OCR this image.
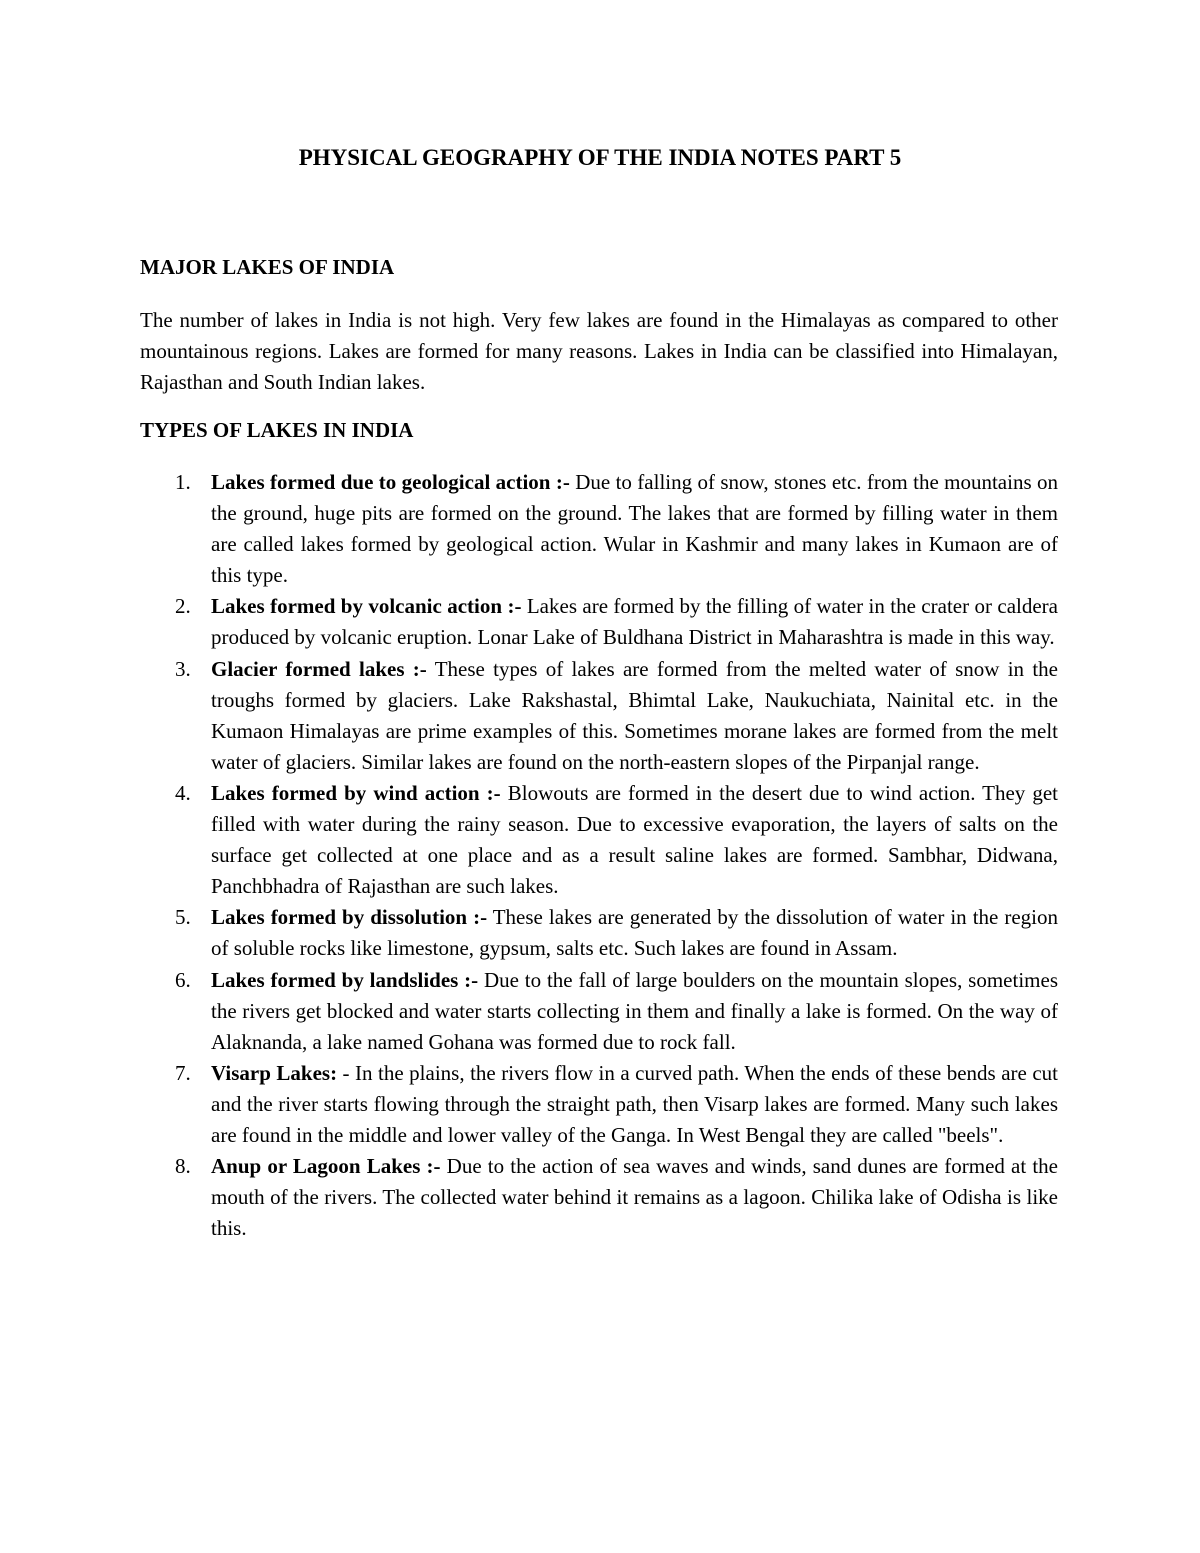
PHYSICAL GEOGRAPHY OF THE INDIA NOTES PART 5
MAJOR LAKES OF INDIA

The number of lakes in India is not high. Very few lakes are found in the Himalayas as compared to other mountainous regions. Lakes are formed for many reasons. Lakes in India can be classified into Himalayan, Rajasthan and South Indian lakes.

TYPES OF LAKES IN INDIA
1. Lakes formed due to geological action :- Due to falling of snow, stones etc. from the mountains on the ground, huge pits are formed on the ground. The lakes that are formed by filling water in them are called lakes formed by geological action. Wular in Kashmir and many lakes in Kumaon are of this type.
2. Lakes formed by volcanic action :- Lakes are formed by the filling of water in the crater or caldera produced by volcanic eruption. Lonar Lake of Buldhana District in Maharashtra is made in this way.
3. Glacier formed lakes :- These types of lakes are formed from the melted water of snow in the troughs formed by glaciers. Lake Rakshastal, Bhimtal Lake, Naukuchiata, Nainital etc. in the Kumaon Himalayas are prime examples of this. Sometimes morane lakes are formed from the melt water of glaciers. Similar lakes are found on the north-eastern slopes of the Pirpanjal range.
4. Lakes formed by wind action :- Blowouts are formed in the desert due to wind action. They get filled with water during the rainy season. Due to excessive evaporation, the layers of salts on the surface get collected at one place and as a result saline lakes are formed. Sambhar, Didwana, Panchbhadra of Rajasthan are such lakes.
5. Lakes formed by dissolution :- These lakes are generated by the dissolution of water in the region of soluble rocks like limestone, gypsum, salts etc. Such lakes are found in Assam.
6. Lakes formed by landslides :- Due to the fall of large boulders on the mountain slopes, sometimes the rivers get blocked and water starts collecting in them and finally a lake is formed. On the way of Alaknanda, a lake named Gohana was formed due to rock fall.
7. Visarp Lakes: - In the plains, the rivers flow in a curved path. When the ends of these bends are cut and the river starts flowing through the straight path, then Visarp lakes are formed. Many such lakes are found in the middle and lower valley of the Ganga. In West Bengal they are called "beels".
8. Anup or Lagoon Lakes :- Due to the action of sea waves and winds, sand dunes are formed at the mouth of the rivers. The collected water behind it remains as a lagoon. Chilika lake of Odisha is like this.
